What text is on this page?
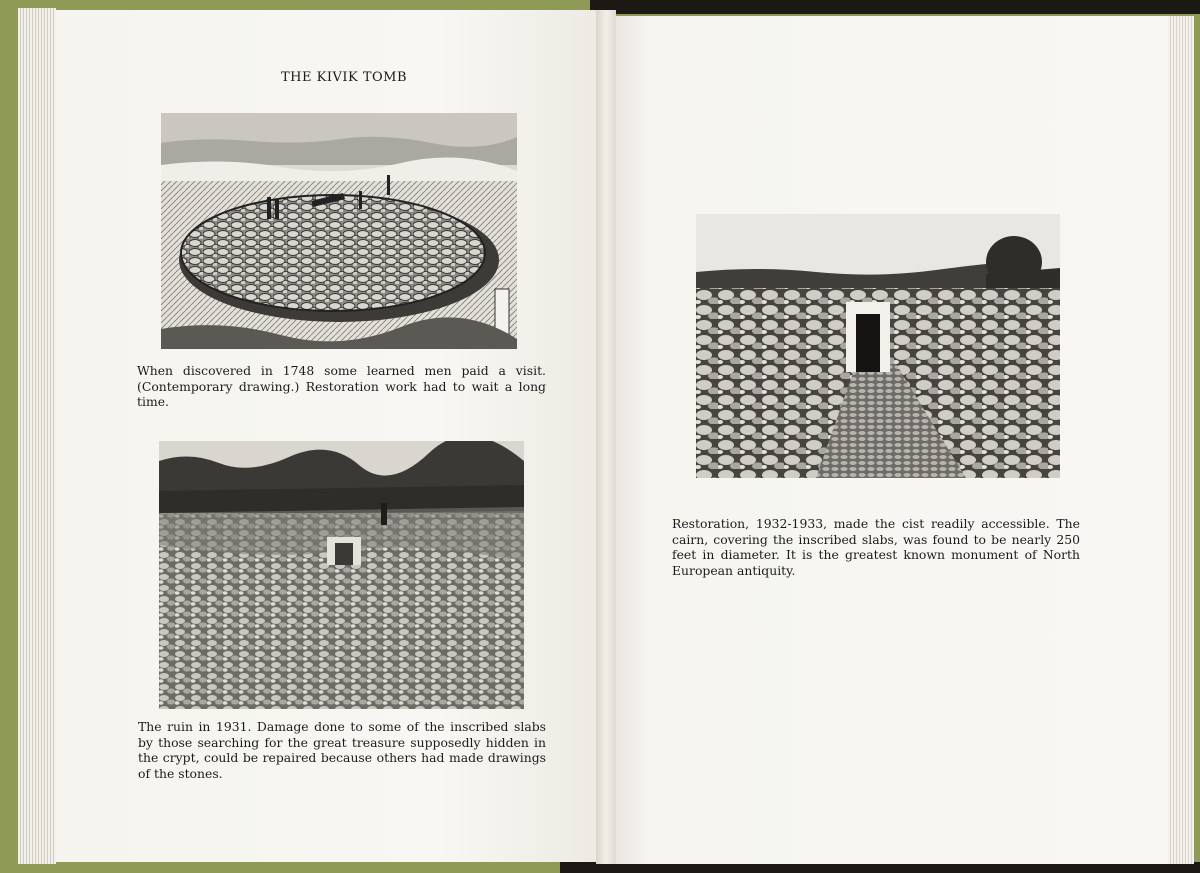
THE KIVIK TOMB
When discovered in 1748 some learned men paid a visit. (Contemporary drawing.) Restoration work had to wait a long time.
The ruin in 1931. Damage done to some of the inscribed slabs by those searching for the great treasure supposedly hidden in the crypt, could be repaired because others had made drawings of the stones.
Restoration, 1932-1933, made the cist readily accessible. The cairn, covering the inscribed slabs, was found to be nearly 250 feet in diameter. It is the greatest known monument of North European antiquity.
